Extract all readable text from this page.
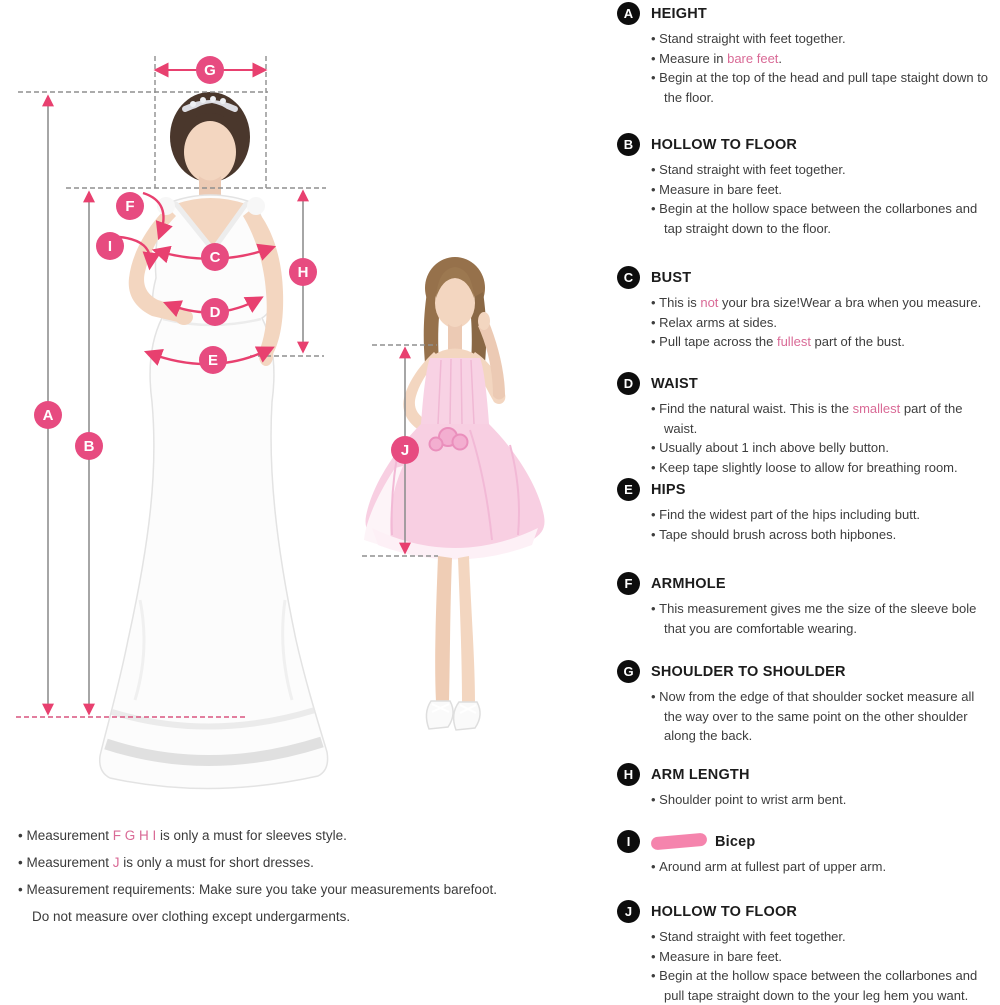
A
B
C
D
E
F
G
H
I
J
A	HEIGHT
• Stand straight with feet together.
• Measure in bare feet.
• Begin at the top of the head and pull tape staight down to the floor.
B	HOLLOW TO FLOOR
• Stand straight with feet together.
• Measure in bare feet.
• Begin at the hollow space between the collarbones and tap straight down to the floor.
C	BUST
• This is not your bra size!Wear a bra when you measure.
• Relax arms at sides.
• Pull tape across the fullest part of the bust.
D	WAIST
• Find the natural waist. This is the smallest part of the waist.
• Usually about 1 inch above belly button.
• Keep tape slightly loose to allow for breathing room.
E	HIPS
• Find the widest part of the hips including butt.
• Tape should brush across both hipbones.
F	ARMHOLE
• This measurement gives me the size of the sleeve bole that you are comfortable wearing.
G	SHOULDER TO SHOULDER
• Now from the edge of that shoulder socket measure all the way over to the same point on the other shoulder along the back.
H	ARM LENGTH
• Shoulder point to wrist arm bent.
I	Bicep
• Around arm at fullest part of upper arm.
J	HOLLOW TO FLOOR
• Stand straight with feet together.
• Measure in bare feet.
• Begin at the hollow space between the collarbones and pull tape straight down to the your leg hem you want.
• Measurement F G H I is only a must for sleeves style.
• Measurement J is only a must for short dresses.
• Measurement requirements: Make sure you take your measurements barefoot.
Do not measure over clothing except undergarments.
